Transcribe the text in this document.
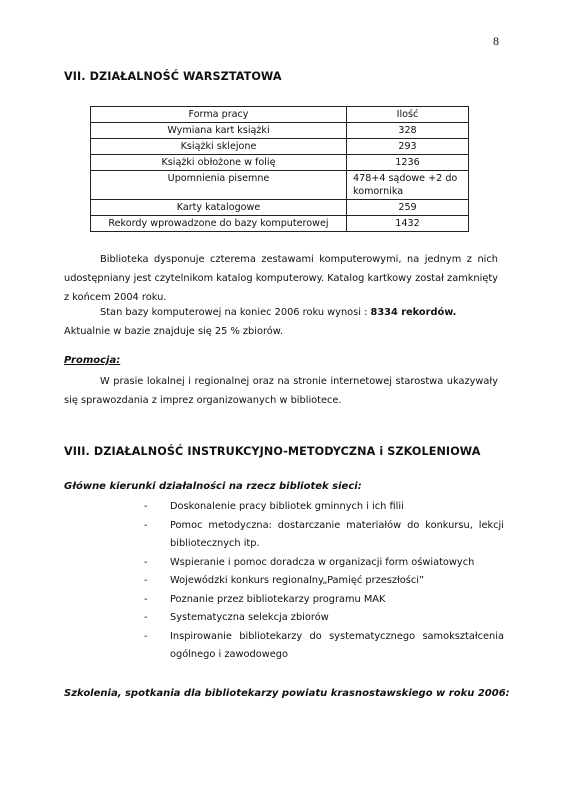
8
VII. DZIAŁALNOŚĆ WARSZTATOWA
Forma pracy	Ilość
Wymiana kart książki	328
Książki sklejone	293
Książki obłożone w folię	1236
Upomnienia pisemne	478+4 sądowe +2 do komornika
Karty katalogowe	259
Rekordy wprowadzone do bazy komputerowej	1432

Biblioteka dysponuje czterema zestawami komputerowymi, na jednym z nich udostępniany jest czytelnikom katalog komputerowy. Katalog kartkowy został zamknięty z końcem 2004 roku.

Stan bazy komputerowej na koniec 2006 roku wynosi : 8334 rekordów.
Aktualnie w bazie znajduje się 25 % zbiorów.

Promocja:

W prasie lokalnej i regionalnej oraz na stronie internetowej starostwa ukazywały się sprawozdania z imprez organizowanych w bibliotece.

VIII. DZIAŁALNOŚĆ INSTRUKCYJNO-METODYCZNA i SZKOLENIOWA
Główne kierunki działalności na rzecz bibliotek sieci:
- Doskonalenie pracy bibliotek gminnych i ich filii
- Pomoc metodyczna: dostarczanie materiałów do konkursu, lekcji bibliotecznych itp.
- Wspieranie i pomoc doradcza w organizacji form oświatowych
- Wojewódzki konkurs regionalny„Pamięć przeszłości”
- Poznanie przez bibliotekarzy programu MAK
- Systematyczna selekcja zbiorów
- Inspirowanie bibliotekarzy do systematycznego samokształcenia ogólnego i zawodowego
Szkolenia, spotkania dla bibliotekarzy powiatu krasnostawskiego w roku 2006:
